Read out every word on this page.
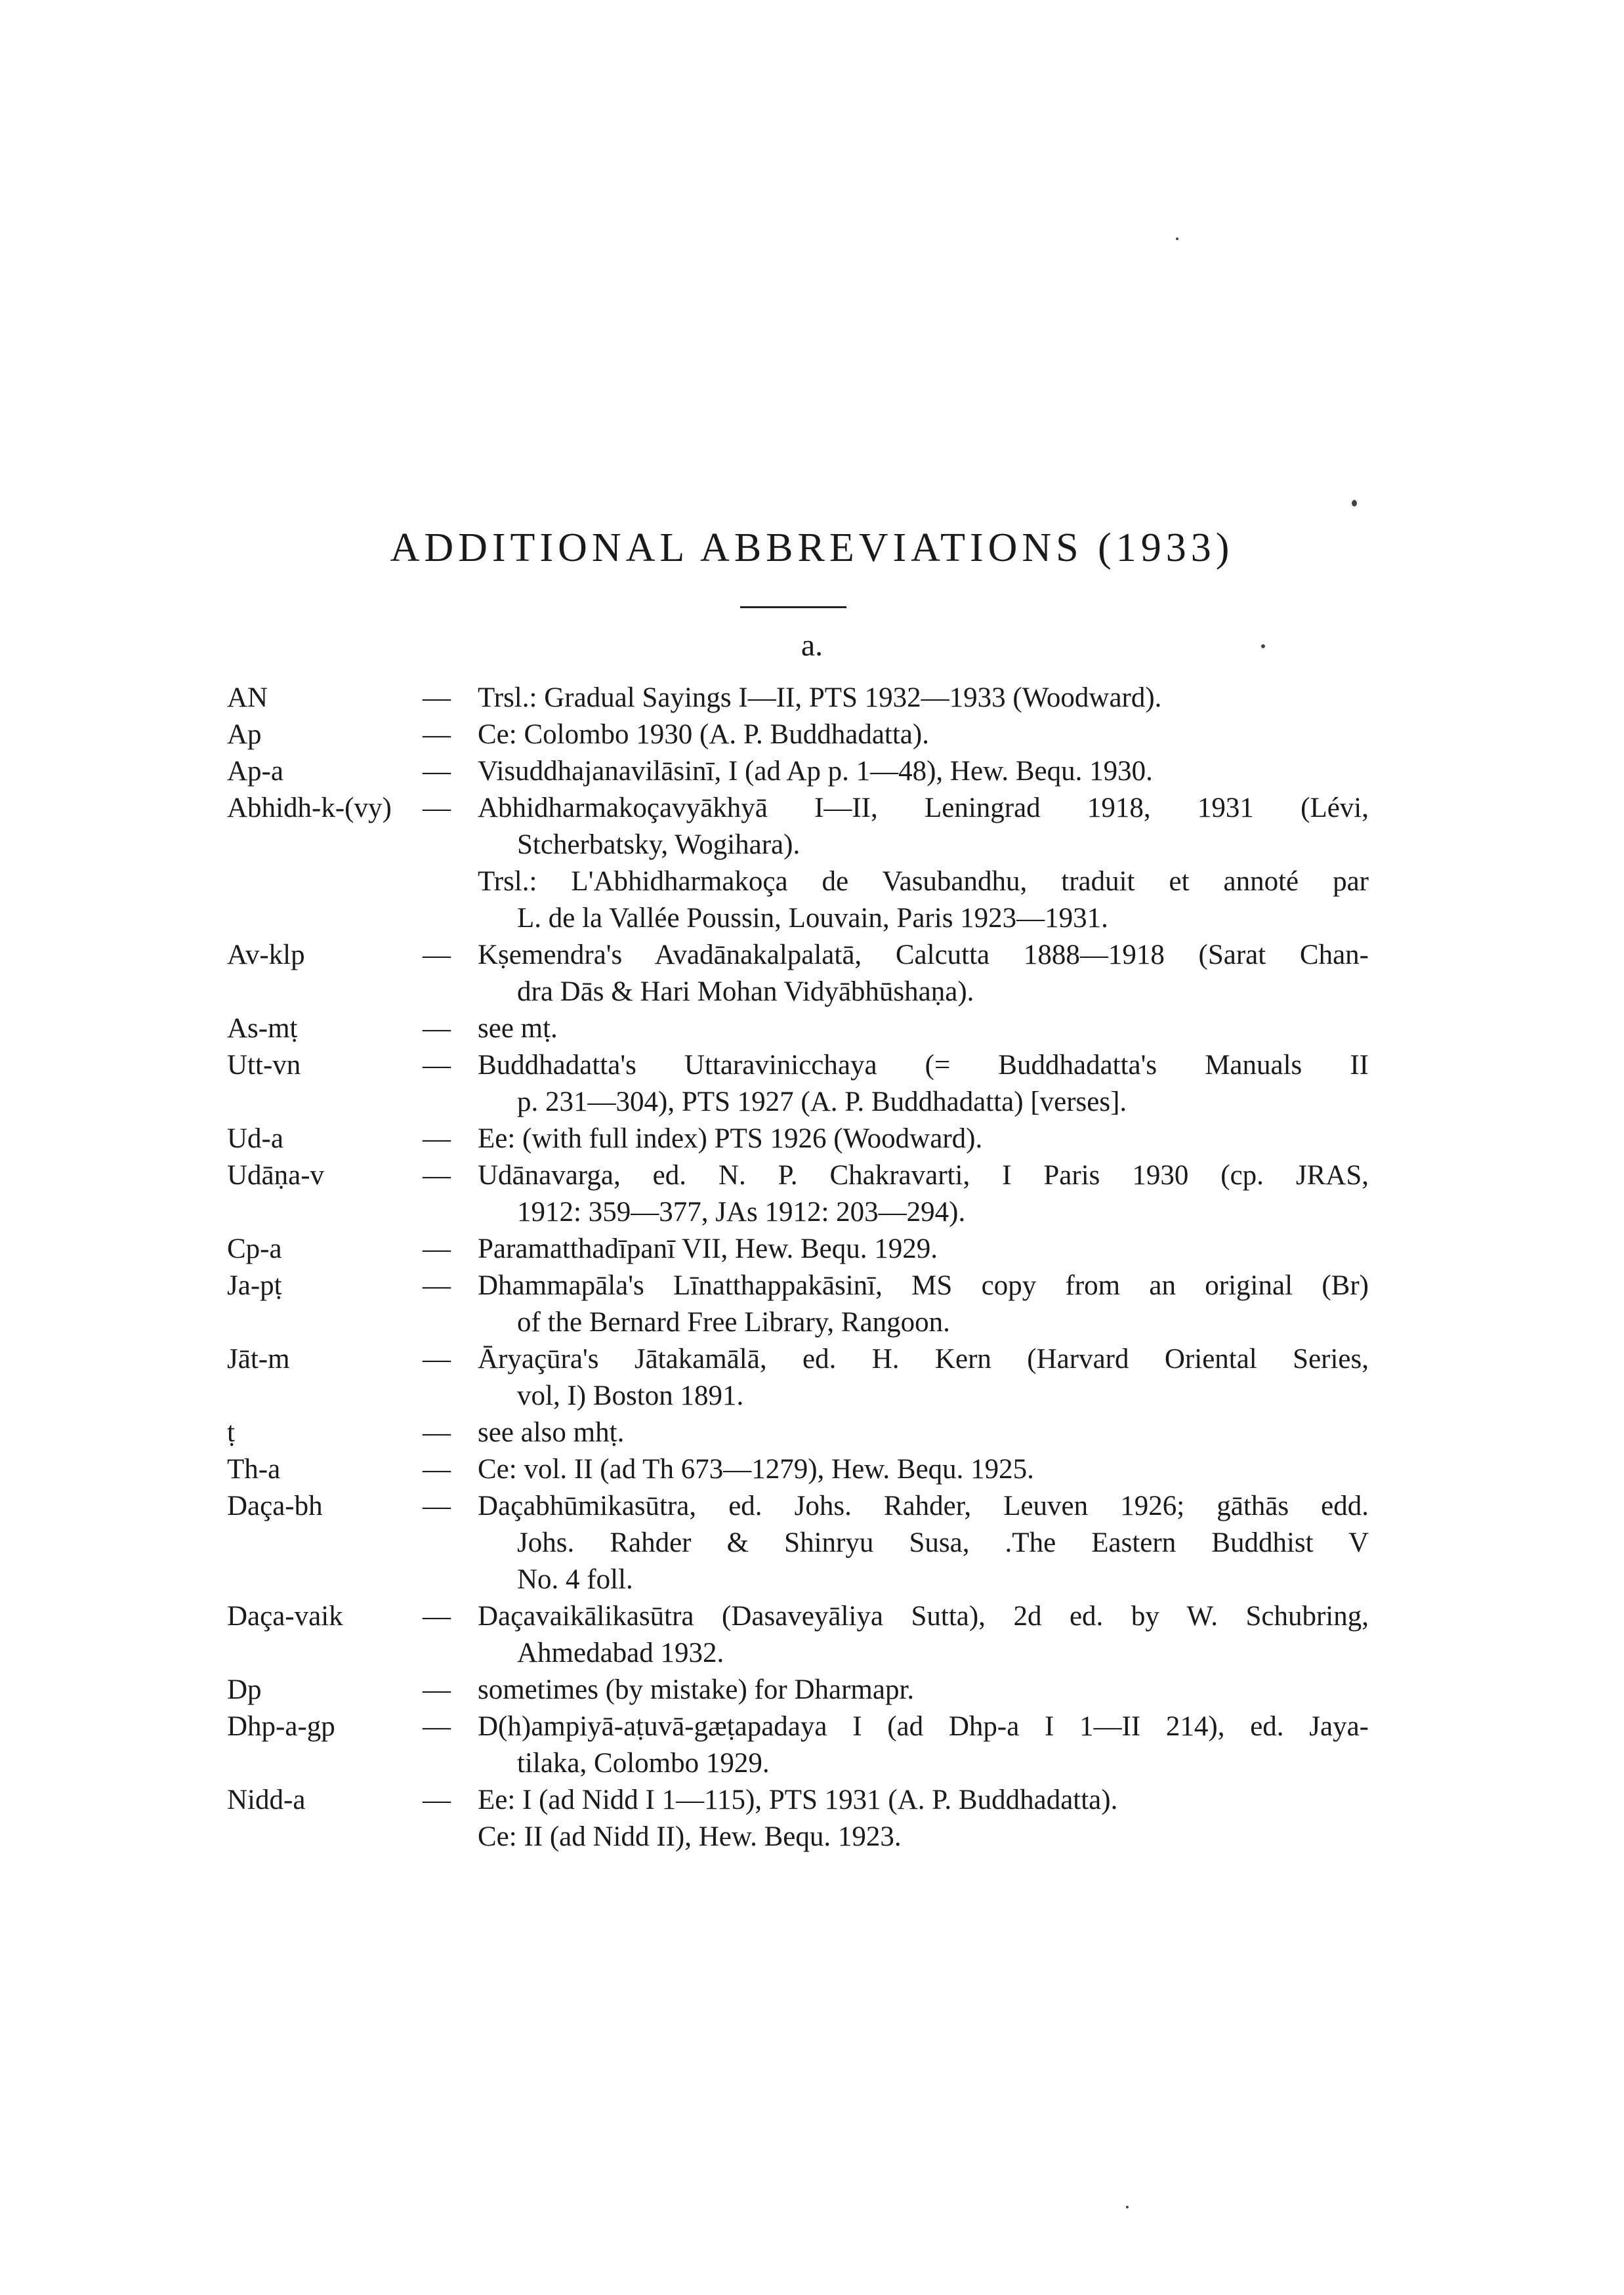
ADDITIONAL ABBREVIATIONS (1933)
a.
AN	— Trsl.: Gradual Sayings I—II, PTS 1932—1933 (Woodward).
Ap	— Ce: Colombo 1930 (A. P. Buddhadatta).
Ap-a	— Visuddhajanavilāsinī, I (ad Ap p. 1—48), Hew. Bequ. 1930.
Abhidh-k-(vy) — Abhidharmakoçavyākhyā I—II, Leningrad 1918, 1931 (Lévi,
Stcherbatsky, Wogihara).
Trsl.: L'Abhidharmakoça de Vasubandhu, traduit et annoté par
L. de la Vallée Poussin, Louvain, Paris 1923—1931.
Av-klp	— Kṣemendra's Avadānakalpalatā, Calcutta 1888—1918 (Sarat Chan-
dra Dās & Hari Mohan Vidyābhūshaṇa).
As-mṭ	— see mṭ.
Utt-vn	— Buddhadatta's Uttaravinicchaya (= Buddhadatta's Manuals II
p. 231—304), PTS 1927 (A. P. Buddhadatta) [verses].
Ud-a	— Ee: (with full index) PTS 1926 (Woodward).
Udāṇa-v	— Udānavarga, ed. N. P. Chakravarti, I Paris 1930 (cp. JRAS,
1912: 359—377, JAs 1912: 203—294).
Cp-a	— Paramatthadīpanī VII, Hew. Bequ. 1929.
Ja-pṭ	— Dhammapāla's Līnatthappakāsinī, MS copy from an original (Br)
of the Bernard Free Library, Rangoon.
Jāt-m	— Āryaçūra's Jātakamālā, ed. H. Kern (Harvard Oriental Series,
vol, I) Boston 1891.
ṭ	— see also mhṭ.
Th-a	— Ce: vol. II (ad Th 673—1279), Hew. Bequ. 1925.
Daça-bh	— Daçabhūmikasūtra, ed. Johs. Rahder, Leuven 1926; gāthās edd.
Johs. Rahder & Shinryu Susa, .The Eastern Buddhist V
No. 4 foll.
Daça-vaik	— Daçavaikālikasūtra (Dasaveyāliya Sutta), 2d ed. by W. Schubring,
Ahmedabad 1932.
Dp	— sometimes (by mistake) for Dharmapr.
Dhp-a-gp	— D(h)ampiyā-aṭuvā-gæṭapadaya I (ad Dhp-a I 1—II 214), ed. Jaya-
tilaka, Colombo 1929.
Nidd-a	— Ee: I (ad Nidd I 1—115), PTS 1931 (A. P. Buddhadatta).
Ce: II (ad Nidd II), Hew. Bequ. 1923.
